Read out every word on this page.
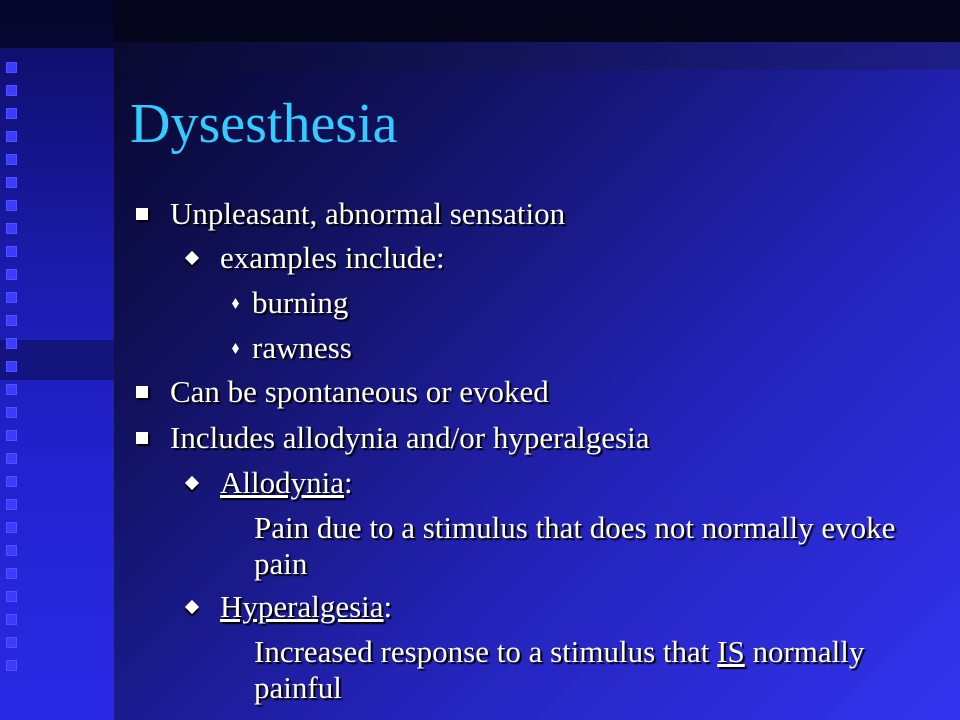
Dysesthesia
Unpleasant, abnormal sensation
examples include:
burning
rawness
Can be spontaneous or evoked
Includes allodynia and/or hyperalgesia
Allodynia:
Pain due to a stimulus that does not normally evoke pain
Hyperalgesia:
Increased response to a stimulus that IS normally painful
